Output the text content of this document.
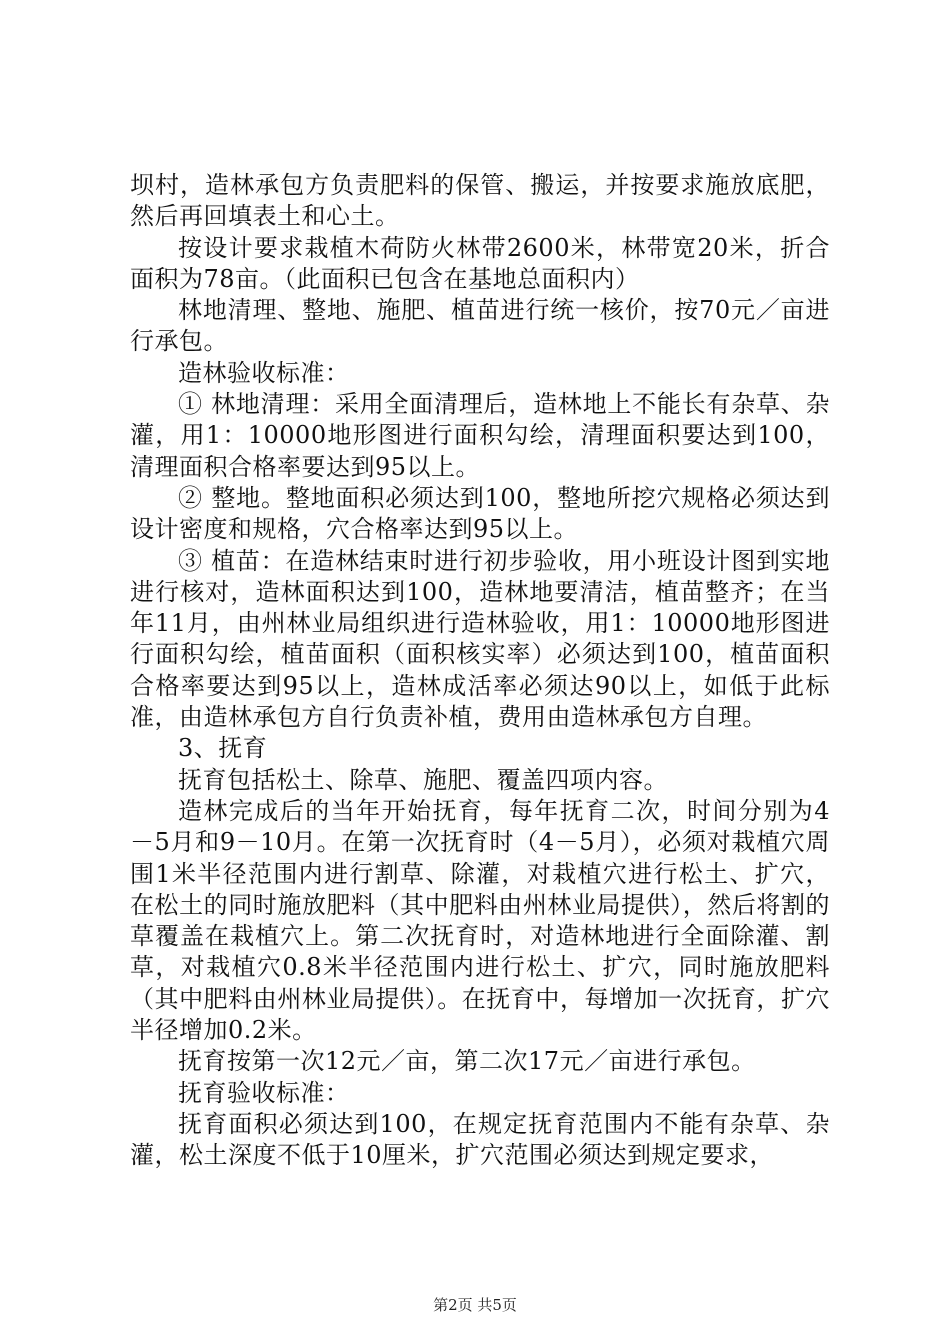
坝村，造林承包方负责肥料的保管、搬运，并按要求施放底肥，然后再回填表土和心土。

按设计要求栽植木荷防火林带2600米，林带宽20米，折合面积为78亩。（此面积已包含在基地总面积内）

林地清理、整地、施肥、植苗进行统一核价，按70元／亩进行承包。

造林验收标准：

① 林地清理：采用全面清理后，造林地上不能长有杂草、杂灌，用1：10000地形图进行面积勾绘，清理面积要达到100，清理面积合格率要达到95以上。

② 整地。整地面积必须达到100，整地所挖穴规格必须达到设计密度和规格，穴合格率达到95以上。

③ 植苗：在造林结束时进行初步验收，用小班设计图到实地进行核对，造林面积达到100，造林地要清洁，植苗整齐；在当年11月，由州林业局组织进行造林验收，用1：10000地形图进行面积勾绘，植苗面积（面积核实率）必须达到100，植苗面积合格率要达到95以上，造林成活率必须达90以上，如低于此标准，由造林承包方自行负责补植，费用由造林承包方自理。

3、抚育

抚育包括松土、除草、施肥、覆盖四项内容。

造林完成后的当年开始抚育，每年抚育二次，时间分别为4－5月和9－10月。在第一次抚育时（4－5月），必须对栽植穴周围1米半径范围内进行割草、除灌，对栽植穴进行松土、扩穴，在松土的同时施放肥料（其中肥料由州林业局提供），然后将割的草覆盖在栽植穴上。第二次抚育时，对造林地进行全面除灌、割草，对栽植穴0.8米半径范围内进行松土、扩穴，同时施放肥料（其中肥料由州林业局提供）。在抚育中，每增加一次抚育，扩穴半径增加0.2米。

抚育按第一次12元／亩，第二次17元／亩进行承包。

抚育验收标准：

抚育面积必须达到100，在规定抚育范围内不能有杂草、杂灌，松土深度不低于10厘米，扩穴范围必须达到规定要求，

第2页 共5页
